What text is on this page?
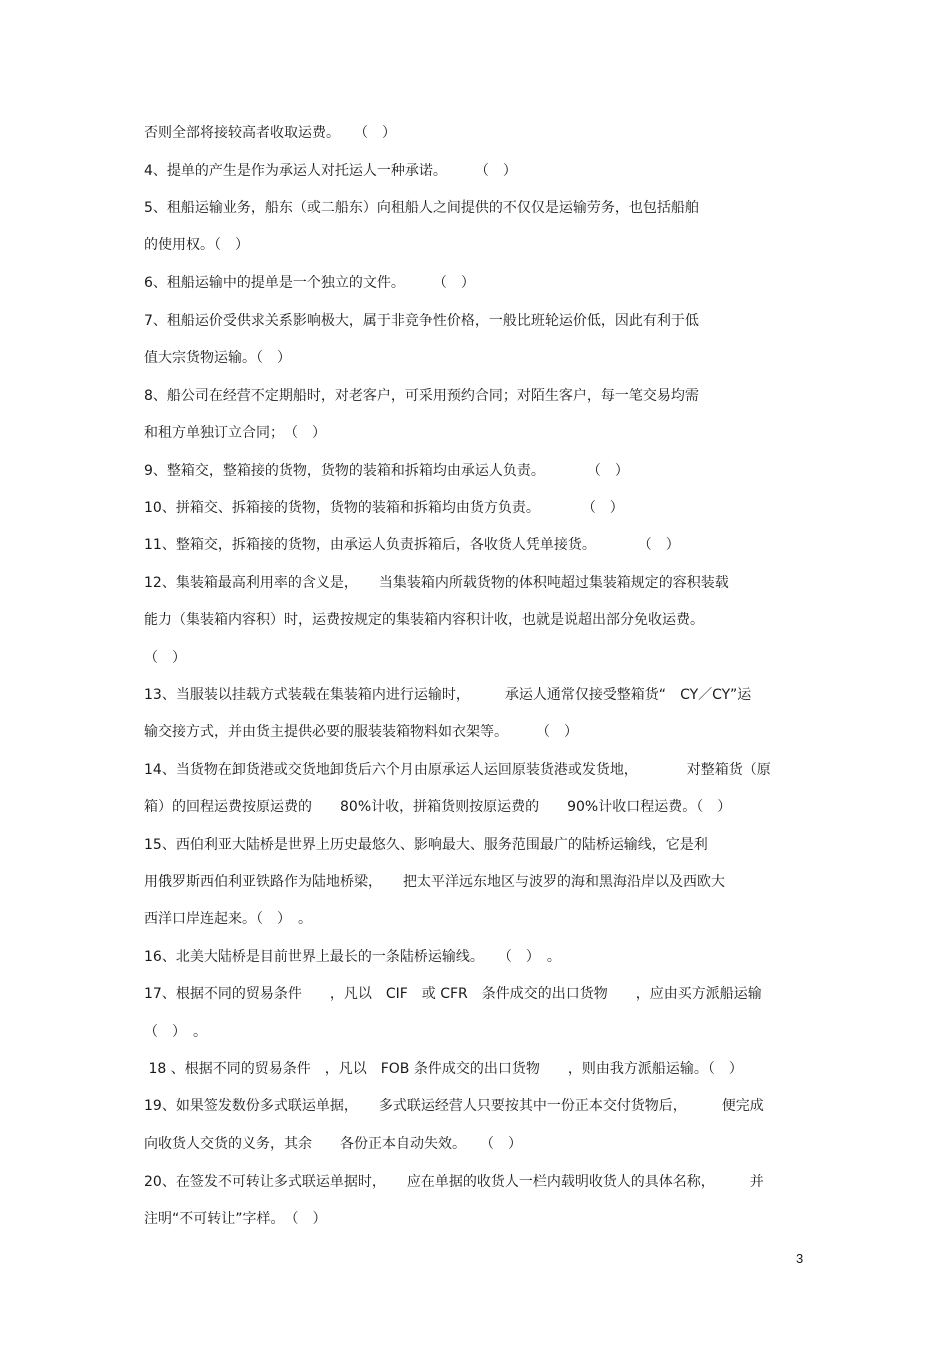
否则全部将接较高者收取运费。　　（　）
4、提单的产生是作为承运人对托运人一种承诺。　　　（　）
5、租船运输业务，船东（或二船东）向租船人之间提供的不仅仅是运输劳务，也包括船舶
的使用权。（　）
6、租船运输中的提单是一个独立的文件。　　　（　）
7、租船运价受供求关系影响极大，属于非竞争性价格，一般比班轮运价低，因此有利于低
值大宗货物运输。（　）
8、船公司在经营不定期船时，对老客户，可采用预约合同；对陌生客户，每一笔交易均需
和租方单独订立合同；　（　）
9、整箱交，整箱接的货物，货物的装箱和拆箱均由承运人负责。　　　　（　）
10、拼箱交、拆箱接的货物，货物的装箱和拆箱均由货方负责。　　　　（　）
11、整箱交，拆箱接的货物，由承运人负责拆箱后，各收货人凭单接货。　　　　（　）
12、集装箱最高利用率的含义是，　　当集装箱内所载货物的体积吨超过集装箱规定的容积装载
能力（集装箱内容积）时，运费按规定的集装箱内容积计收，也就是说超出部分免收运费。
（　）
13、当服装以挂载方式装载在集装箱内进行运输时，　　　承运人通常仅接受整箱货“　CY／CY”运
输交接方式，并由货主提供必要的服装装箱物料如衣架等。　　　（　）
14、当货物在卸货港或交货地卸货后六个月由原承运人运回原装货港或发货地，　　　　对整箱货（原
箱）的回程运费按原运费的　　80%计收，拼箱货则按原运费的　　90%计收口程运费。（　）
15、西伯利亚大陆桥是世界上历史最悠久、影响最大、服务范围最广的陆桥运输线，它是利
用俄罗斯西伯利亚铁路作为陆地桥梁，　　把太平洋远东地区与波罗的海和黑海沿岸以及西欧大
西洋口岸连起来。（　）　。
16、北美大陆桥是目前世界上最长的一条陆桥运输线。　　（　）　。
17、根据不同的贸易条件　　，凡以　CIF　或 CFR　条件成交的出口货物　　，应由买方派船运输
（　）　。
18 、根据不同的贸易条件　，凡以　FOB 条件成交的出口货物　　，则由我方派船运输。（　）
19、如果签发数份多式联运单据，　　多式联运经营人只要按其中一份正本交付货物后，　　　便完成
向收货人交货的义务，其余　　各份正本自动失效。　　（　）
20、在签发不可转让多式联运单据时，　　应在单据的收货人一栏内载明收货人的具体名称，　　　并
注明“不可转让”字样。　（　）
3
